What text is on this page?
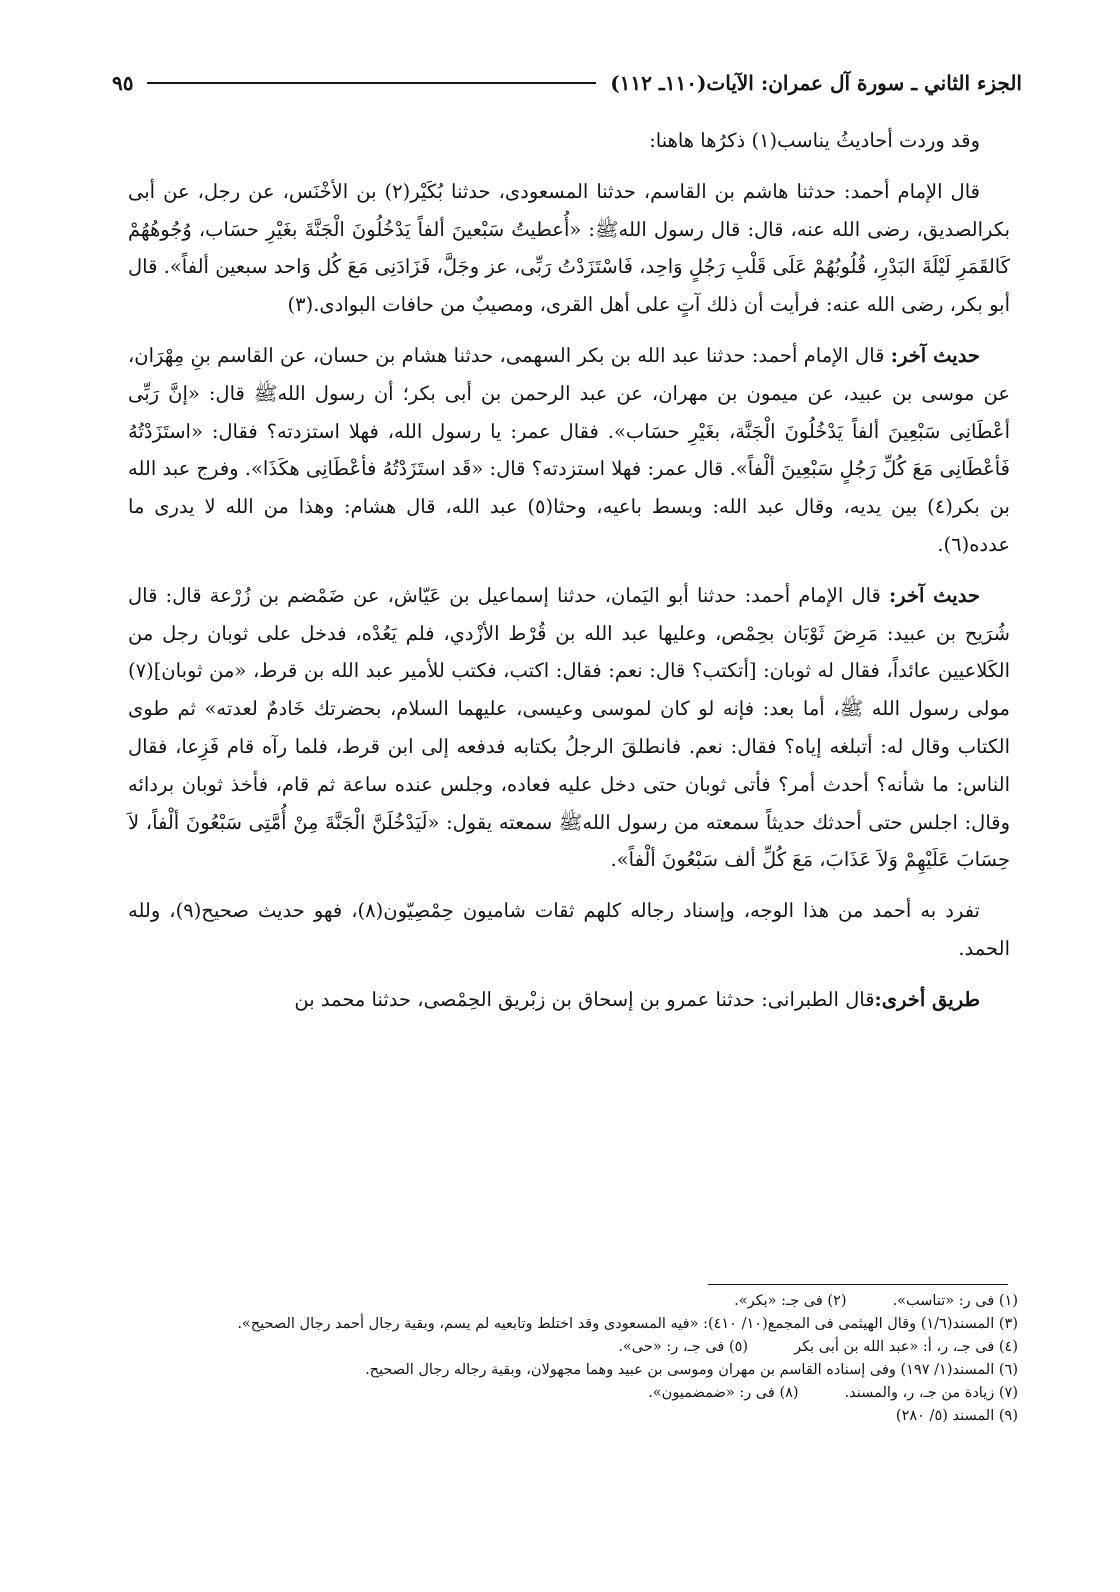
الجزء الثاني ـ سورة آل عمران: الآيات(١١٠ـ ١١٢)
٩٥

وقد وردت أحاديثُ يناسب(١) ذكرُها هاهنا:

قال الإمام أحمد: حدثنا هاشم بن القاسم، حدثنا المسعودى، حدثنا بُكَيْر(٢) بن الأخْنَس، عن رجل، عن أبى بكرالصديق، رضى الله عنه، قال: قال رسول اللهﷺ: «أُعطيتُ سَبْعينَ ألفاً يَدْخُلُونَ الْجَنَّةَ بغَيْرِ حسَاب، وُجُوهُهُمْ كَالقَمَرِ لَيْلَةَ البَدْرِ، قُلُوبُهُمْ عَلَى قَلْبِ رَجُلٍ وَاحِد، فَاسْتَزَدْتُ رَبِّى، عز وجَلَّ، فَزَادَنِى مَعَ كُل وَاحد سبعين ألفاً». قال أبو بكر، رضى الله عنه: فرأيت أن ذلك آتٍ على أهل القرى، ومصيبٌ من حافات البوادى.(٣)

حديث آخر: قال الإمام أحمد: حدثنا عبد الله بن بكر السهمى، حدثنا هشام بن حسان، عن القاسم بنِ مِهْرَان، عن موسى بن عبيد، عن ميمون بن مهران، عن عبد الرحمن بن أبى بكر؛ أن رسول اللهﷺ قال: «إنَّ رَبِّى أعْطَانِى سَبْعِينَ ألفاً يَدْخُلُونَ الْجَنَّة، بغَيْرِ حسَاب». فقال عمر: يا رسول الله، فهلا استزدته؟ فقال: «استَزَدْتُهُ فَأعْطَانِى مَعَ كُلِّ رَجُلٍ سَبْعِينَ ألْفاً». قال عمر: فهلا استزدته؟ قال: «قَد استَزَدْتُهُ فأعْطَانِى هكَذَا». وفرج عبد الله بن بكر(٤) بين يديه، وقال عبد الله: وبسط باعيه، وحثا(٥) عبد الله، قال هشام: وهذا من الله لا يدرى ما عدده(٦).

حديث آخر: قال الإمام أحمد: حدثنا أبو اليَمان، حدثنا إسماعيل بن عَيّاش، عن ضَمْضم بن زُرْعة قال: قال شُرَيح بن عبيد: مَرِضَ ثَوْبَان بحِمْص، وعليها عبد الله بن قُرْط الأزْدي، فلم يَعُدْه، فدخل على ثوبان رجل من الكَلاعيين عائداً، فقال له ثوبان: [أتكتب؟ قال: نعم: فقال: اكتب، فكتب للأمير عبد الله بن قرط، «من ثوبان](٧) مولى رسول الله ﷺ، أما بعد: فإنه لو كان لموسى وعيسى، عليهما السلام، بحضرتك خَادمٌ لعدته» ثم طوى الكتاب وقال له: أتبلغه إياه؟ فقال: نعم. فانطلقَ الرجلُ بكتابه فدفعه إلى ابن قرط، فلما رآه قام فَزِعا، فقال الناس: ما شأنه؟ أحدث أمر؟ فأتى ثوبان حتى دخل عليه فعاده، وجلس عنده ساعة ثم قام، فأخذ ثوبان بردائه وقال: اجلس حتى أحدثك حديثاً سمعته من رسول اللهﷺ سمعته يقول: «لَيَدْخُلَنَّ الْجَنَّةَ مِنْ أُمَّتِى سَبْعُونَ ألْفاً، لاَ حِسَابَ عَلَيْهِمْ وَلاَ عَذَابَ، مَعَ كُلِّ ألف سَبْعُونَ ألْفاً».

تفرد به أحمد من هذا الوجه، وإسناد رجاله كلهم ثقات شاميون حِمْصِيّون(٨)، فهو حديث صحيح(٩)، ولله الحمد.

طريق أخرى:قال الطبرانى: حدثنا عمرو بن إسحاق بن زبْريق الحِمْصى، حدثنا محمد بن

(١) فى ر: «تناسب».
(٢) فى جـ: «بكر».
(٣) المسند(١/٦) وقال الهيثمى فى المجمع(١٠/ ٤١٠): «فيه المسعودى وقد اختلط وتابعيه لم يسم، وبقية رجال أحمد رجال الصحيح».
(٤) فى جـ، ر، أ: «عبد الله بن أبى بكر
(٥) فى جـ، ر: «حى».
(٦) المسند(١/ ١٩٧) وفى إسناده القاسم بن مهران وموسى بن عبيد وهما مجهولان، وبقية رجاله رجال الصحيح.
(٧) زيادة من جـ، ر، والمسند.
(٨) فى ر: «ضمضميون».
(٩) المسند (٥/ ٢٨٠)
